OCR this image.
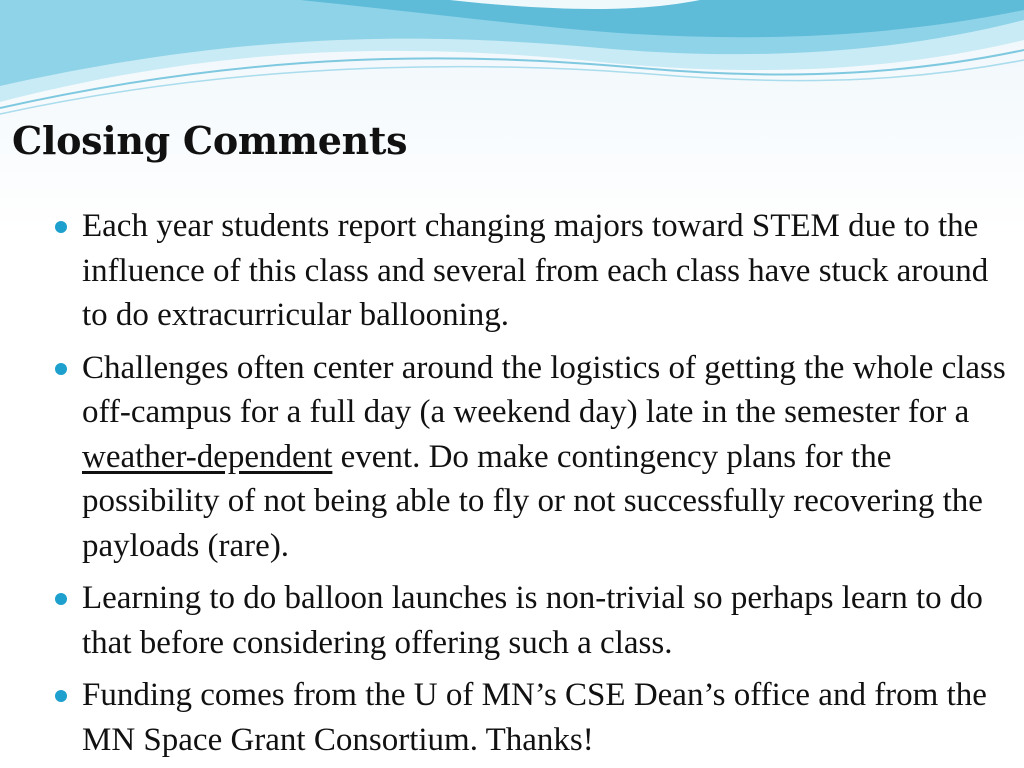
Closing Comments
Each year students report changing majors toward STEM due to the influence of this class and several from each class have stuck around to do extracurricular ballooning.
Challenges often center around the logistics of getting the whole class off-campus for a full day (a weekend day) late in the semester for a weather-dependent event. Do make contingency plans for the possibility of not being able to fly or not successfully recovering the payloads (rare).
Learning to do balloon launches is non-trivial so perhaps learn to do that before considering offering such a class.
Funding comes from the U of MN’s CSE Dean’s office and from the MN Space Grant Consortium. Thanks!
